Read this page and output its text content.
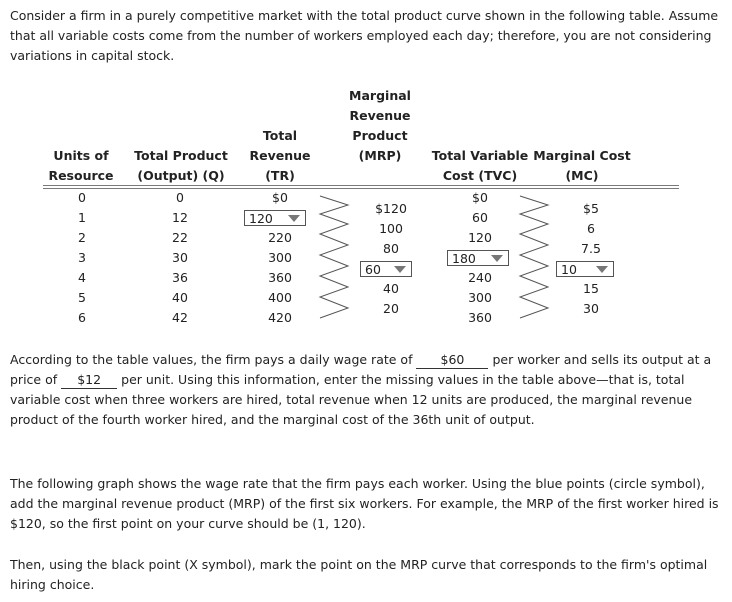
Consider a firm in a purely competitive market with the total product curve shown in the following table. Assume that all variable costs come from the number of workers employed each day; therefore, you are not considering variations in capital stock.

Units of
Resource
Total Product
(Output) (Q)
Total
Revenue
(TR)
Marginal
Revenue
Product
(MRP)	Total Variable
Cost (TVC)
Marginal Cost
(MC)
0
1
2
3
4
5
6
0
12
22
30
36
40
42
$0
120
220
300
360
400
420
$120
100
80
60
40
20
$0
60
120
180
240
300
360
$5
6
7.5
10
15
30

According to the table values, the firm pays a daily wage rate of $60 per worker and sells its output at a price of $12 per unit. Using this information, enter the missing values in the table above—that is, total variable cost when three workers are hired, total revenue when 12 units are produced, the marginal revenue product of the fourth worker hired, and the marginal cost of the 36th unit of output.

The following graph shows the wage rate that the firm pays each worker. Using the blue points (circle symbol), add the marginal revenue product (MRP) of the first six workers. For example, the MRP of the first worker hired is $120, so the first point on your curve should be (1, 120).

Then, using the black point (X symbol), mark the point on the MRP curve that corresponds to the firm's optimal hiring choice.
